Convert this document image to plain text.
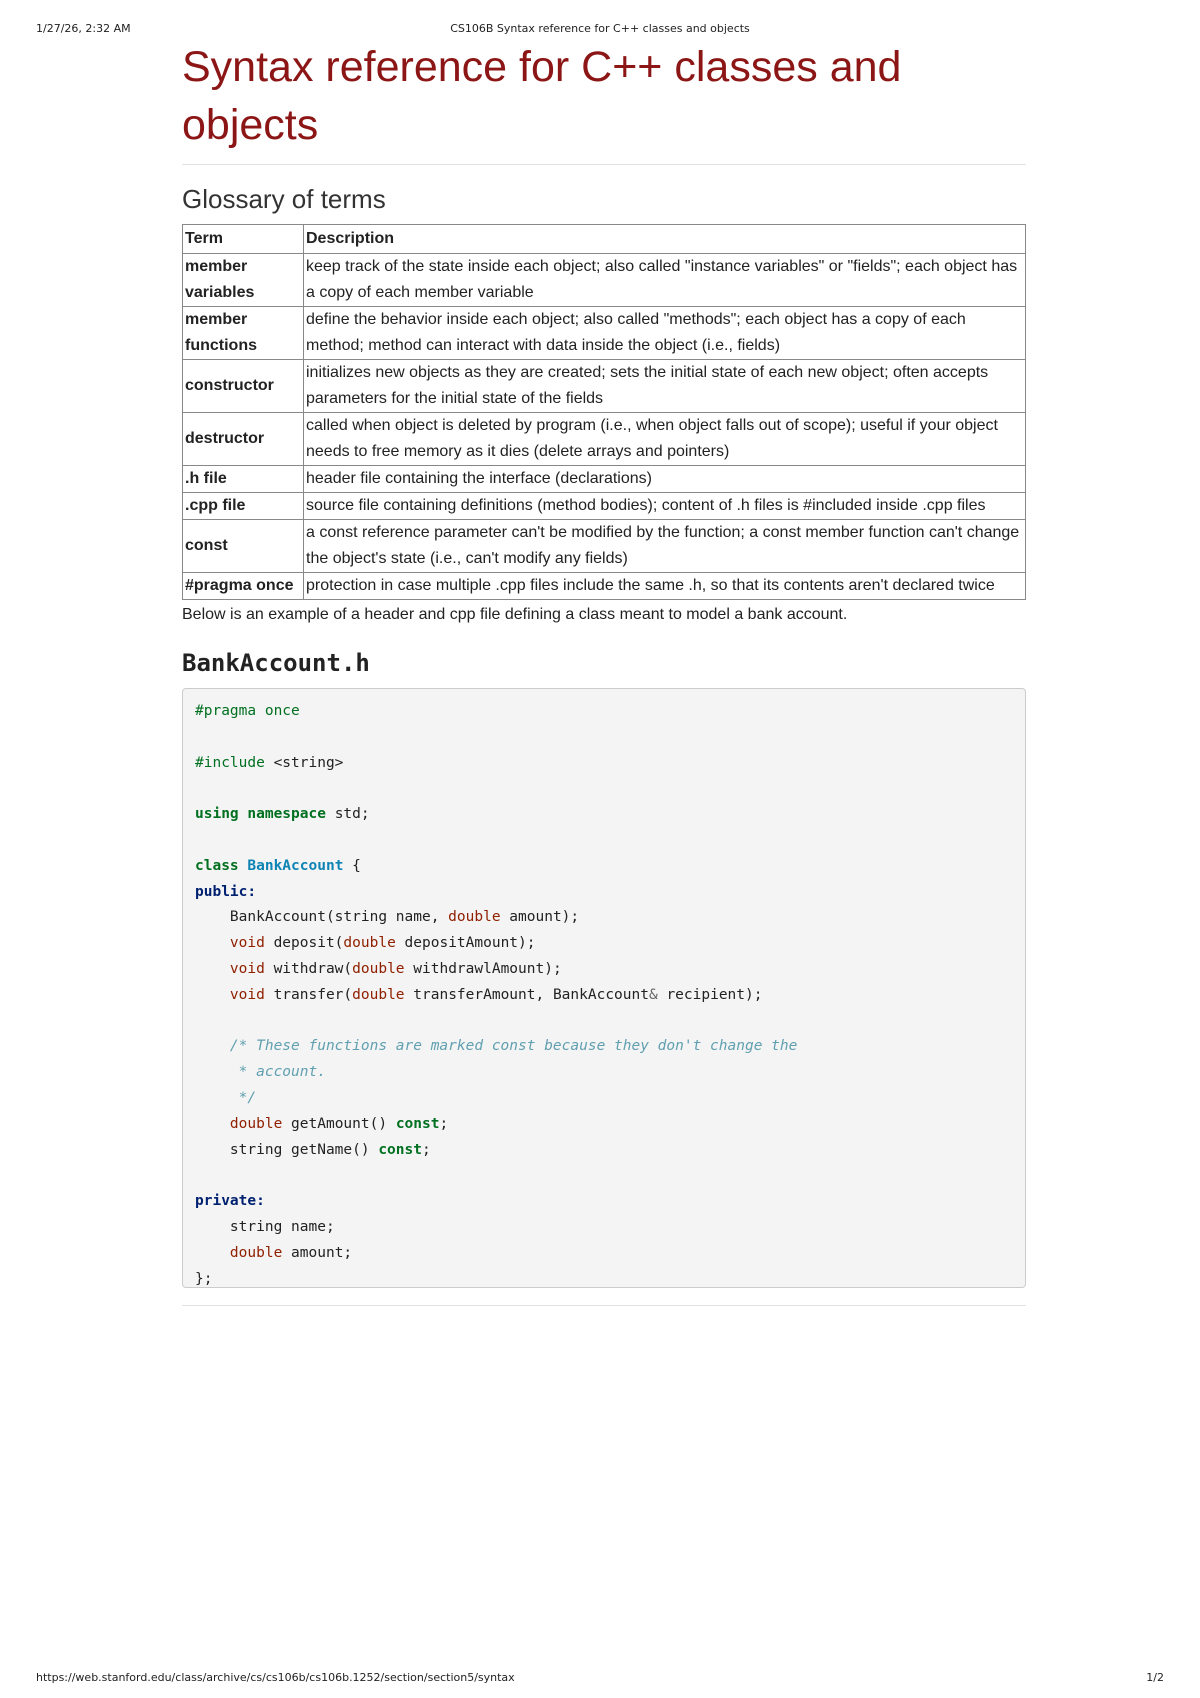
1/27/26, 2:32 AM	CS106B Syntax reference for C++ classes and objects
Syntax reference for C++ classes and objects
Glossary of terms
Term	Description
member variables	keep track of the state inside each object; also called "instance variables" or "fields"; each object has a copy of each member variable
member functions	define the behavior inside each object; also called "methods"; each object has a copy of each method; method can interact with data inside the object (i.e., fields)
constructor	initializes new objects as they are created; sets the initial state of each new object; often accepts parameters for the initial state of the fields
destructor	called when object is deleted by program (i.e., when object falls out of scope); useful if your object needs to free memory as it dies (delete arrays and pointers)
.h file	header file containing the interface (declarations)
.cpp file	source file containing definitions (method bodies); content of .h files is #included inside .cpp files
const	a const reference parameter can't be modified by the function; a const member function can't change the object's state (i.e., can't modify any fields)
#pragma once	protection in case multiple .cpp files include the same .h, so that its contents aren't declared twice

Below is an example of a header and cpp file defining a class meant to model a bank account.

BankAccount.h
#pragma once

#include <string>

using namespace std;

class BankAccount {
public:
BankAccount(string name, double amount);
void deposit(double depositAmount);
void withdraw(double withdrawlAmount);
void transfer(double transferAmount, BankAccount& recipient);

/* These functions are marked const because they don't change the
* account.
*/
double getAmount() const;
string getName() const;

private:
string name;
double amount;
};
https://web.stanford.edu/class/archive/cs/cs106b/cs106b.1252/section/section5/syntax	1/2
